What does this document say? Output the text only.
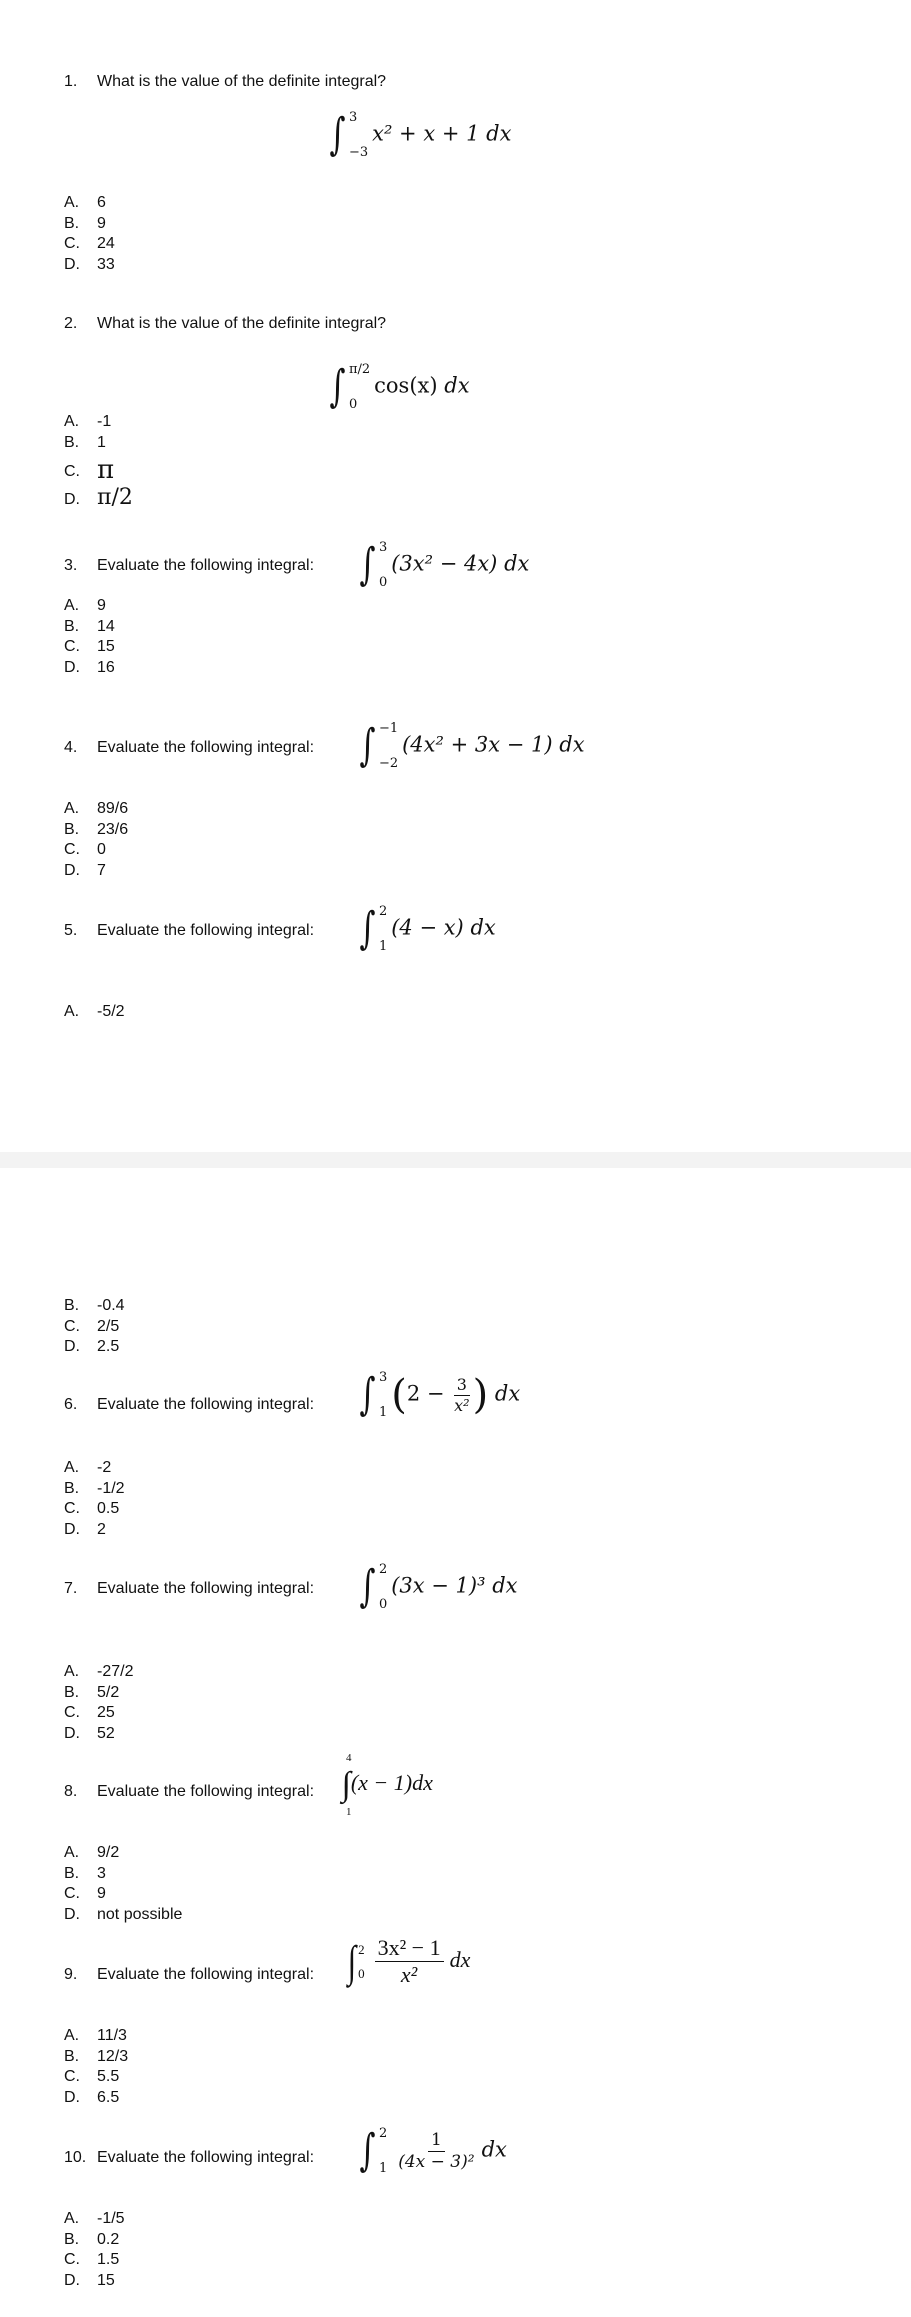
1. What is the value of the definite integral?
∫ 3
−3
x² + x + 1 dx
A. 6
B. 9
C. 24
D. 33
2. What is the value of the definite integral?
∫ π/2
0
cos(x) dx
A. -1
B. 1
C. π
D. π/2
3. Evaluate the following integral: ∫ 3
0
(3x² − 4x) dx
A. 9
B. 14
C. 15
D. 16
4. Evaluate the following integral: ∫ −1
−2
(4x² + 3x − 1) dx
A. 89/6
B. 23/6
C. 0
D. 7
5. Evaluate the following integral: ∫ 2
1
(4 − x) dx
A. -5/2
B. -0.4
C. 2/5
D. 2.5
6. Evaluate the following integral: ∫ 3
1 ($2 - \frac{3}{\text{x²}}$ ) dx
A. -2
B. -1/2
C. 0.5
D. 2
7. Evaluate the following integral: ∫ 2
0
(3x − 1)³ dx
A. -27/2
B. 5/2
C. 25
D. 52
8. Evaluate the following integral:
4
1
∫(x − 1)dx
A. 9/2
B. 3
C. 9
D. not possible
9. Evaluate the following integral: ∫ 2
$0 \frac{\text{3x² − 1}}{\text{x²}}$ dx
A. 11/3
B. 12/3
C. 5.5
D. 6.5
10. Evaluate the following integral: ∫ 2
$1 \frac{1}{\text{(4x − 3)²}}$ dx
A. -1/5
B. 0.2
C. 1.5
D. 15
